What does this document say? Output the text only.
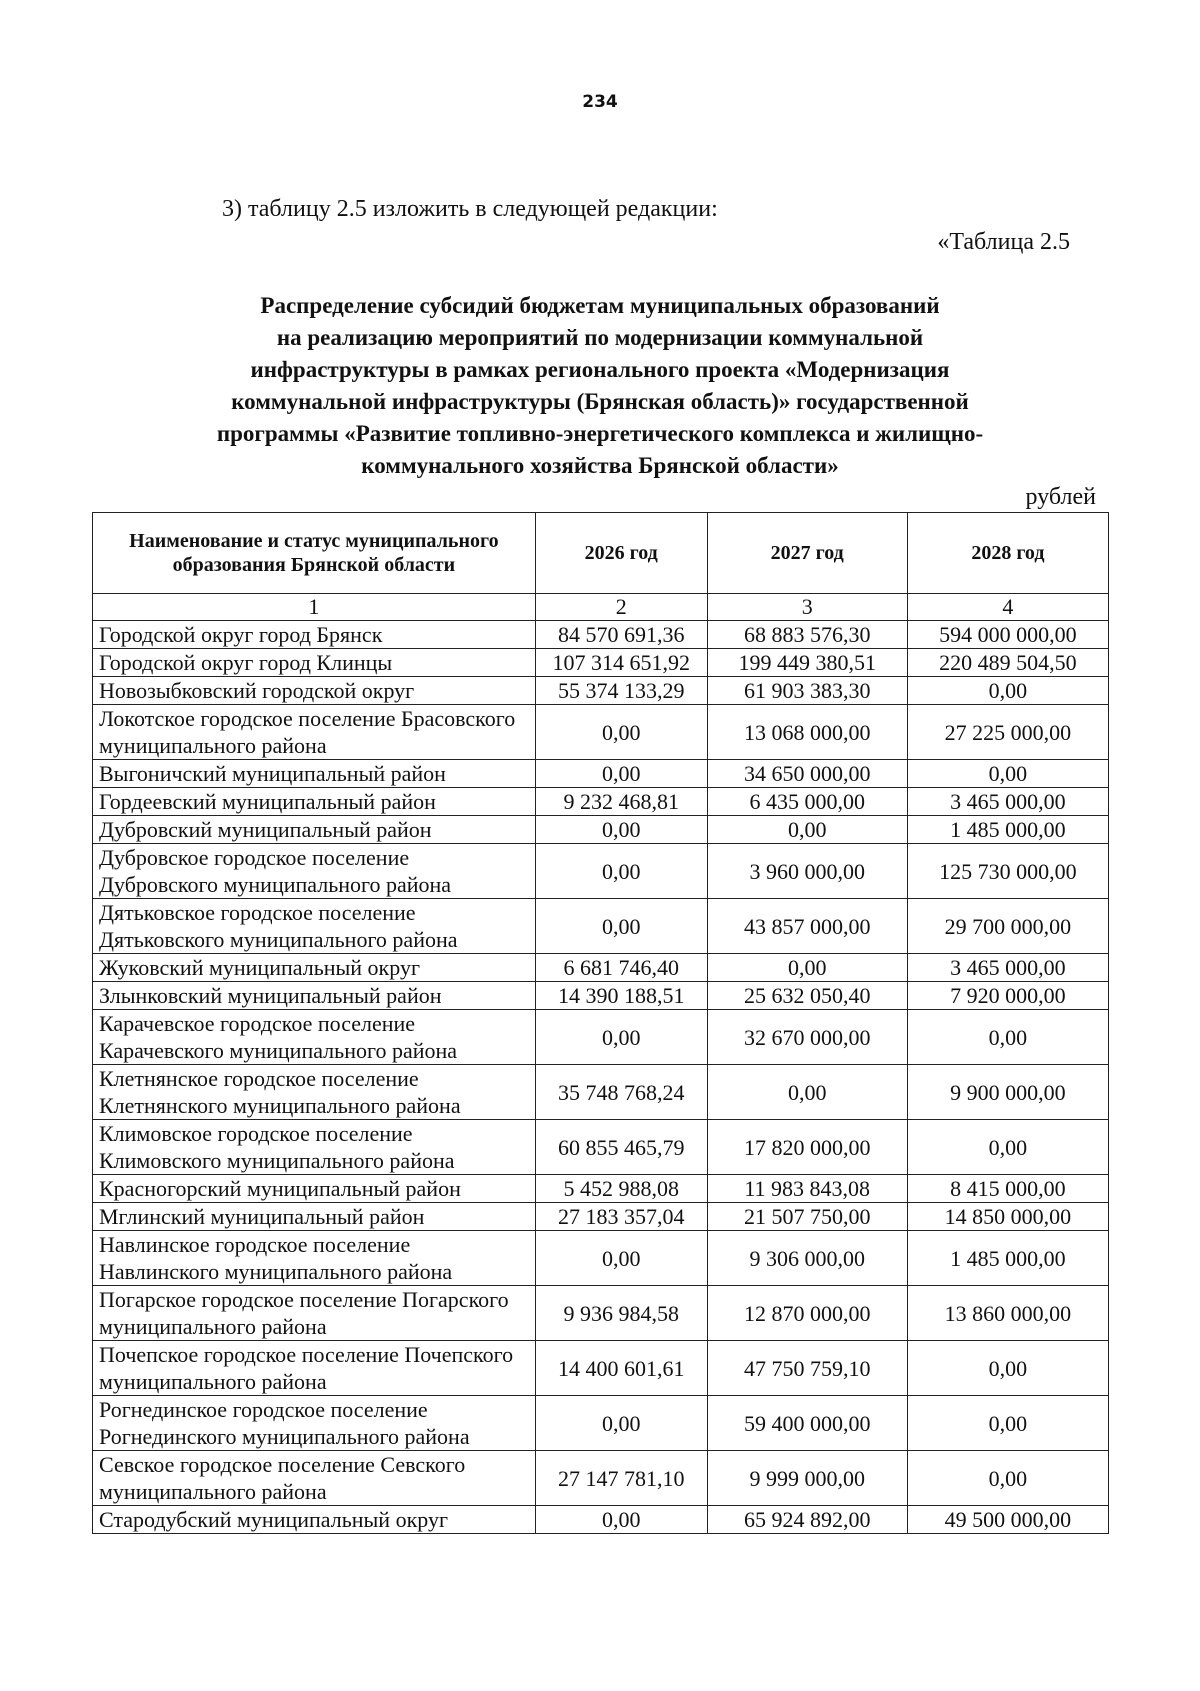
234
3) таблицу 2.5 изложить в следующей редакции:
«Таблица 2.5
Распределение субсидий бюджетам муниципальных образований
на реализацию мероприятий по модернизации коммунальной
инфраструктуры в рамках регионального проекта «Модернизация
коммунальной инфраструктуры (Брянская область)» государственной
программы «Развитие топливно-энергетического комплекса и жилищно-
коммунального хозяйства Брянской области»
рублей
Наименование и статус муниципального образования Брянской области	2026 год	2027 год	2028 год
1	2	3	4
Городской округ город Брянск	84 570 691,36	68 883 576,30	594 000 000,00
Городской округ город Клинцы	107 314 651,92	199 449 380,51	220 489 504,50
Новозыбковский городской округ	55 374 133,29	61 903 383,30	0,00
Локотское городское поселение Брасовского муниципального района	0,00	13 068 000,00	27 225 000,00
Выгоничский муниципальный район	0,00	34 650 000,00	0,00
Гордеевский муниципальный район	9 232 468,81	6 435 000,00	3 465 000,00
Дубровский муниципальный район	0,00	0,00	1 485 000,00
Дубровское городское поселение Дубровского муниципального района	0,00	3 960 000,00	125 730 000,00
Дятьковское городское поселение Дятьковского муниципального района	0,00	43 857 000,00	29 700 000,00
Жуковский муниципальный округ	6 681 746,40	0,00	3 465 000,00
Злынковский муниципальный район	14 390 188,51	25 632 050,40	7 920 000,00
Карачевское городское поселение Карачевского муниципального района	0,00	32 670 000,00	0,00
Клетнянское городское поселение Клетнянского муниципального района	35 748 768,24	0,00	9 900 000,00
Климовское городское поселение Климовского муниципального района	60 855 465,79	17 820 000,00	0,00
Красногорский муниципальный район	5 452 988,08	11 983 843,08	8 415 000,00
Мглинский муниципальный район	27 183 357,04	21 507 750,00	14 850 000,00
Навлинское городское поселение Навлинского муниципального района	0,00	9 306 000,00	1 485 000,00
Погарское городское поселение Погарского муниципального района	9 936 984,58	12 870 000,00	13 860 000,00
Почепское городское поселение Почепского муниципального района	14 400 601,61	47 750 759,10	0,00
Рогнединское городское поселение Рогнединского муниципального района	0,00	59 400 000,00	0,00
Севское городское поселение Севского муниципального района	27 147 781,10	9 999 000,00	0,00
Стародубский муниципальный округ	0,00	65 924 892,00	49 500 000,00
